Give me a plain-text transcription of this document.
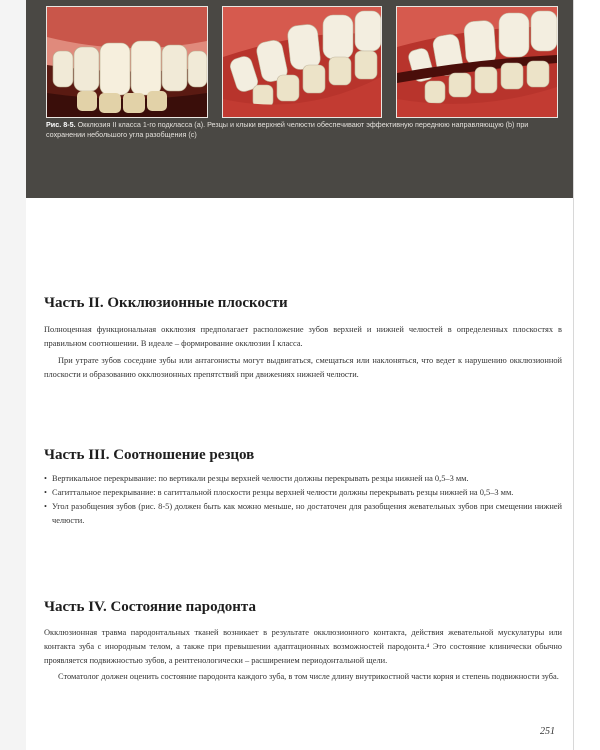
Рис. 8-5. Окклюзия II класса 1-го подкласса (а). Резцы и клыки верхней челюсти обеспечивают эффективную переднюю направляющую (b) при сохранении небольшого угла разобщения (с)
Часть II. Окклюзионные плоскости

Полноценная функциональная окклюзия предполагает расположение зубов верхней и нижней челюстей в определенных плоскостях в правильном соотношении. В идеале – формирование окклюзии I класса.

При утрате зубов соседние зубы или антагонисты могут выдвигаться, смещаться или наклоняться, что ведет к нарушению окклюзионной плоскости и образованию окклюзионных препятствий при движениях нижней челюсти.

Часть III. Соотношение резцов
• Вертикальное перекрывание: по вертикали резцы верхней челюсти должны перекрывать резцы нижней на 0,5–3 мм.
• Сагиттальное перекрывание: в сагиттальной плоскости резцы верхней челюсти должны перекрывать резцы нижней на 0,5–3 мм.
• Угол разобщения зубов (рис. 8-5) должен быть как можно меньше, но достаточен для разобщения жевательных зубов при смещении нижней челюсти.
Часть IV. Состояние пародонта

Окклюзионная травма пародонтальных тканей возникает в результате окклюзионного контакта, действия жевательной мускулатуры или контакта зуба с инородным телом, а также при превышении адаптационных возможностей пародонта.⁴ Это состояние клинически обычно проявляется подвижностью зубов, а рентгенологически – расширением периодонтальной щели.

Стоматолог должен оценить состояние пародонта каждого зуба, в том числе длину внутрикостной части корня и степень подвижности зуба.

251
